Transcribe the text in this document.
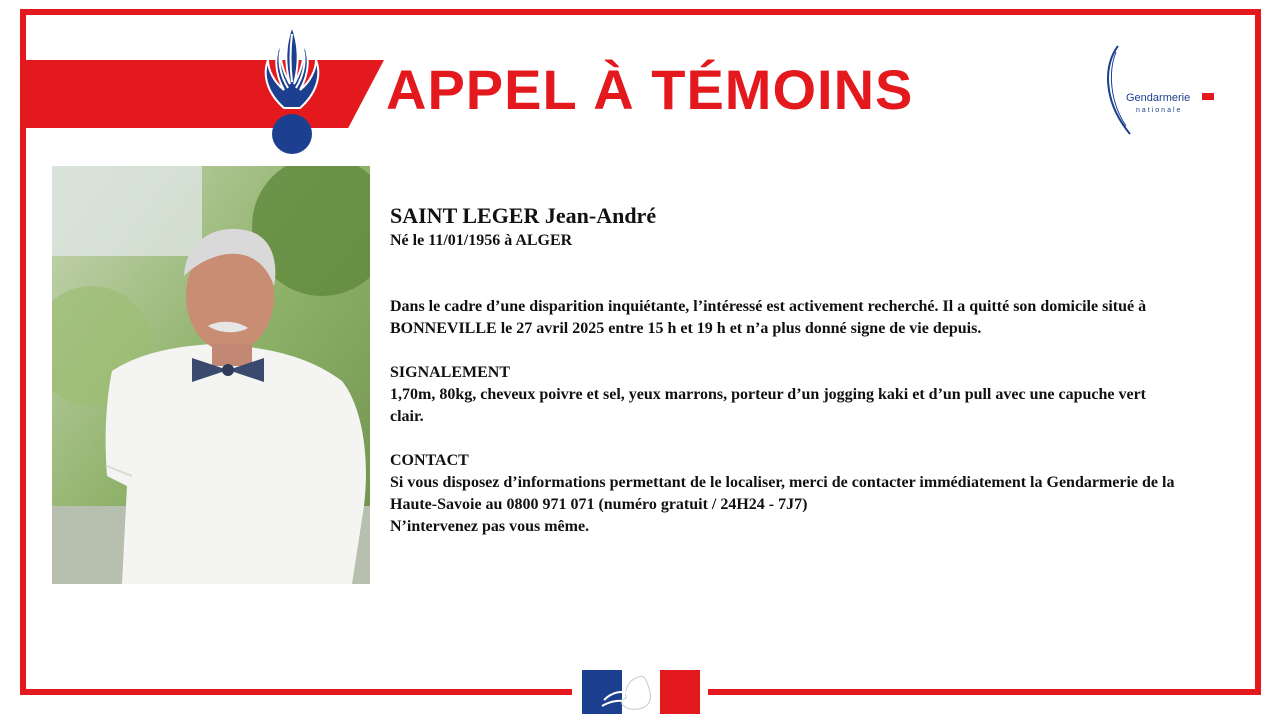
APPEL À TÉMOINS	Gendarmerie
nationale

SAINT LEGER Jean-André

Né le 11/01/1956 à ALGER

Dans le cadre d’une disparition inquiétante, l’intéressé est activement recherché. Il a quitté son domicile situé à BONNEVILLE le 27 avril 2025 entre 15 h et 19 h et n’a plus donné signe de vie depuis.

SIGNALEMENT

1,70m, 80kg, cheveux poivre et sel, yeux marrons, porteur d’un jogging kaki et d’un pull avec une capuche vert clair.

CONTACT

Si vous disposez d’informations permettant de le localiser, merci de contacter immédiatement la Gendarmerie de la Haute-Savoie au 0800 971 071 (numéro gratuit / 24H24 - 7J7)

N’intervenez pas vous même.
